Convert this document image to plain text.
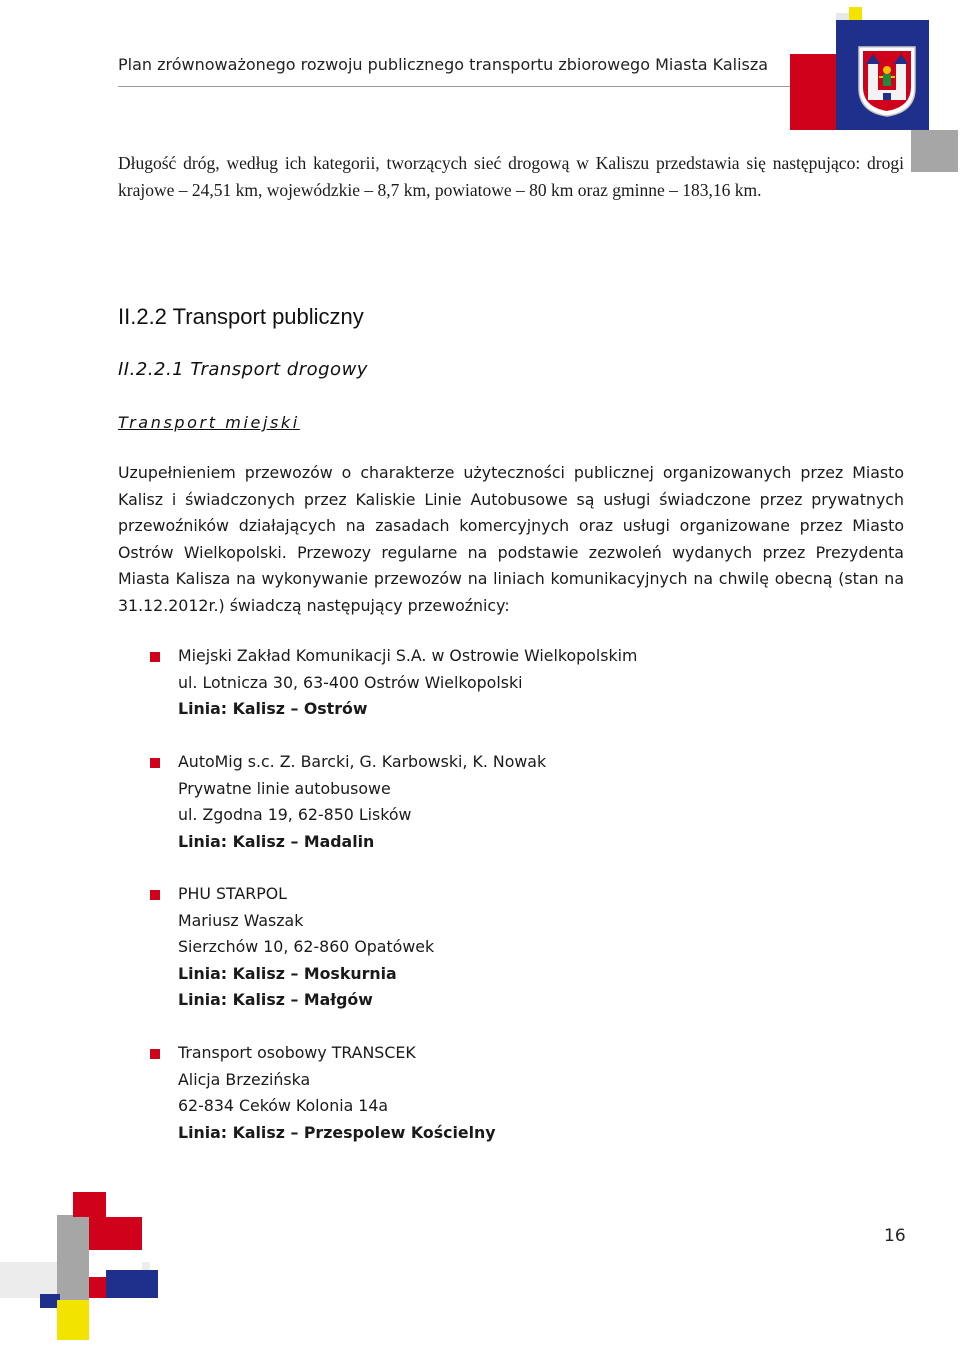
Plan zrównoważonego rozwoju publicznego transportu zbiorowego Miasta Kalisza
Długość dróg, według ich kategorii, tworzących sieć drogową w Kaliszu przedstawia się następująco: drogi krajowe – 24,51 km, wojewódzkie – 8,7 km, powiatowe – 80 km oraz gminne – 183,16 km.
II.2.2 Transport publiczny
II.2.2.1 Transport drogowy
Transport miejski

Uzupełnieniem przewozów o charakterze użyteczności publicznej organizowanych przez Miasto Kalisz i świadczonych przez Kaliskie Linie Autobusowe są usługi świadczone przez prywatnych przewoźników działających na zasadach komercyjnych oraz usługi organizowane przez Miasto Ostrów Wielkopolski. Przewozy regularne na podstawie zezwoleń wydanych przez Prezydenta Miasta Kalisza na wykonywanie przewozów na liniach komunikacyjnych na chwilę obecną (stan na 31.12.2012r.) świadczą następujący przewoźnicy:

Miejski Zakład Komunikacji S.A. w Ostrowie Wielkopolskim
ul. Lotnicza 30, 63-400 Ostrów Wielkopolski
Linia: Kalisz – Ostrów
AutoMig s.c. Z. Barcki, G. Karbowski, K. Nowak
Prywatne linie autobusowe
ul. Zgodna 19, 62-850 Lisków
Linia: Kalisz – Madalin
PHU STARPOL
Mariusz Waszak
Sierzchów 10, 62-860 Opatówek
Linia: Kalisz – Moskurnia
Linia: Kalisz – Małgów
Transport osobowy TRANSCEK
Alicja Brzezińska
62-834 Ceków Kolonia 14a
Linia: Kalisz – Przespolew Kościelny
16
